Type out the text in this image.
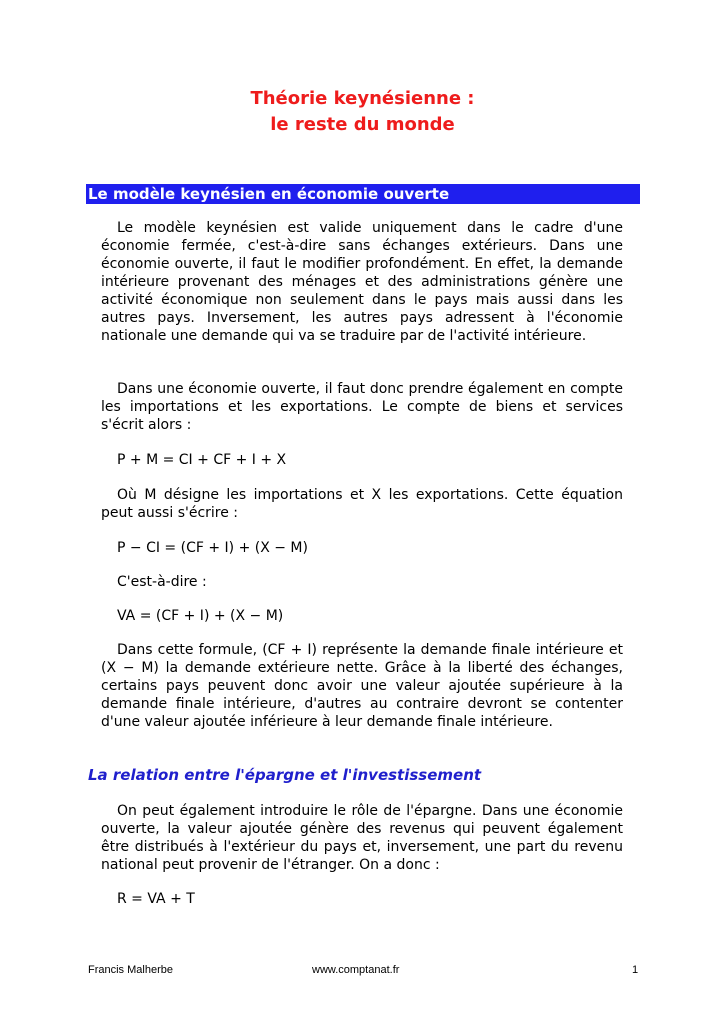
Théorie keynésienne :
le reste du monde
Le modèle keynésien en économie ouverte

Le modèle keynésien est valide uniquement dans le cadre d'une économie fermée, c'est-à-dire sans échanges extérieurs. Dans une économie ouverte, il faut le modifier profondément. En effet, la demande intérieure provenant des ménages et des administrations génère une activité économique non seulement dans le pays mais aussi dans les autres pays. Inversement, les autres pays adressent à l'économie nationale une demande qui va se traduire par de l'activité intérieure.

Dans une économie ouverte, il faut donc prendre également en compte les importations et les exportations. Le compte de biens et services s'écrit alors :

P + M = CI + CF + I + X

Où M désigne les importations et X les exportations. Cette équation peut aussi s'écrire :

P − CI = (CF + I) + (X − M)

C'est-à-dire :

VA = (CF + I) + (X − M)

Dans cette formule, (CF + I) représente la demande finale intérieure et (X − M) la demande extérieure nette. Grâce à la liberté des échanges, certains pays peuvent donc avoir une valeur ajoutée supérieure à la demande finale intérieure, d'autres au contraire devront se contenter d'une valeur ajoutée inférieure à leur demande finale intérieure.

La relation entre l'épargne et l'investissement

On peut également introduire le rôle de l'épargne. Dans une économie ouverte, la valeur ajoutée génère des revenus qui peuvent également être distribués à l'extérieur du pays et, inversement, une part du revenu national peut provenir de l'étranger. On a donc :

R = VA + T

Francis Malherbe	www.comptanat.fr	1
